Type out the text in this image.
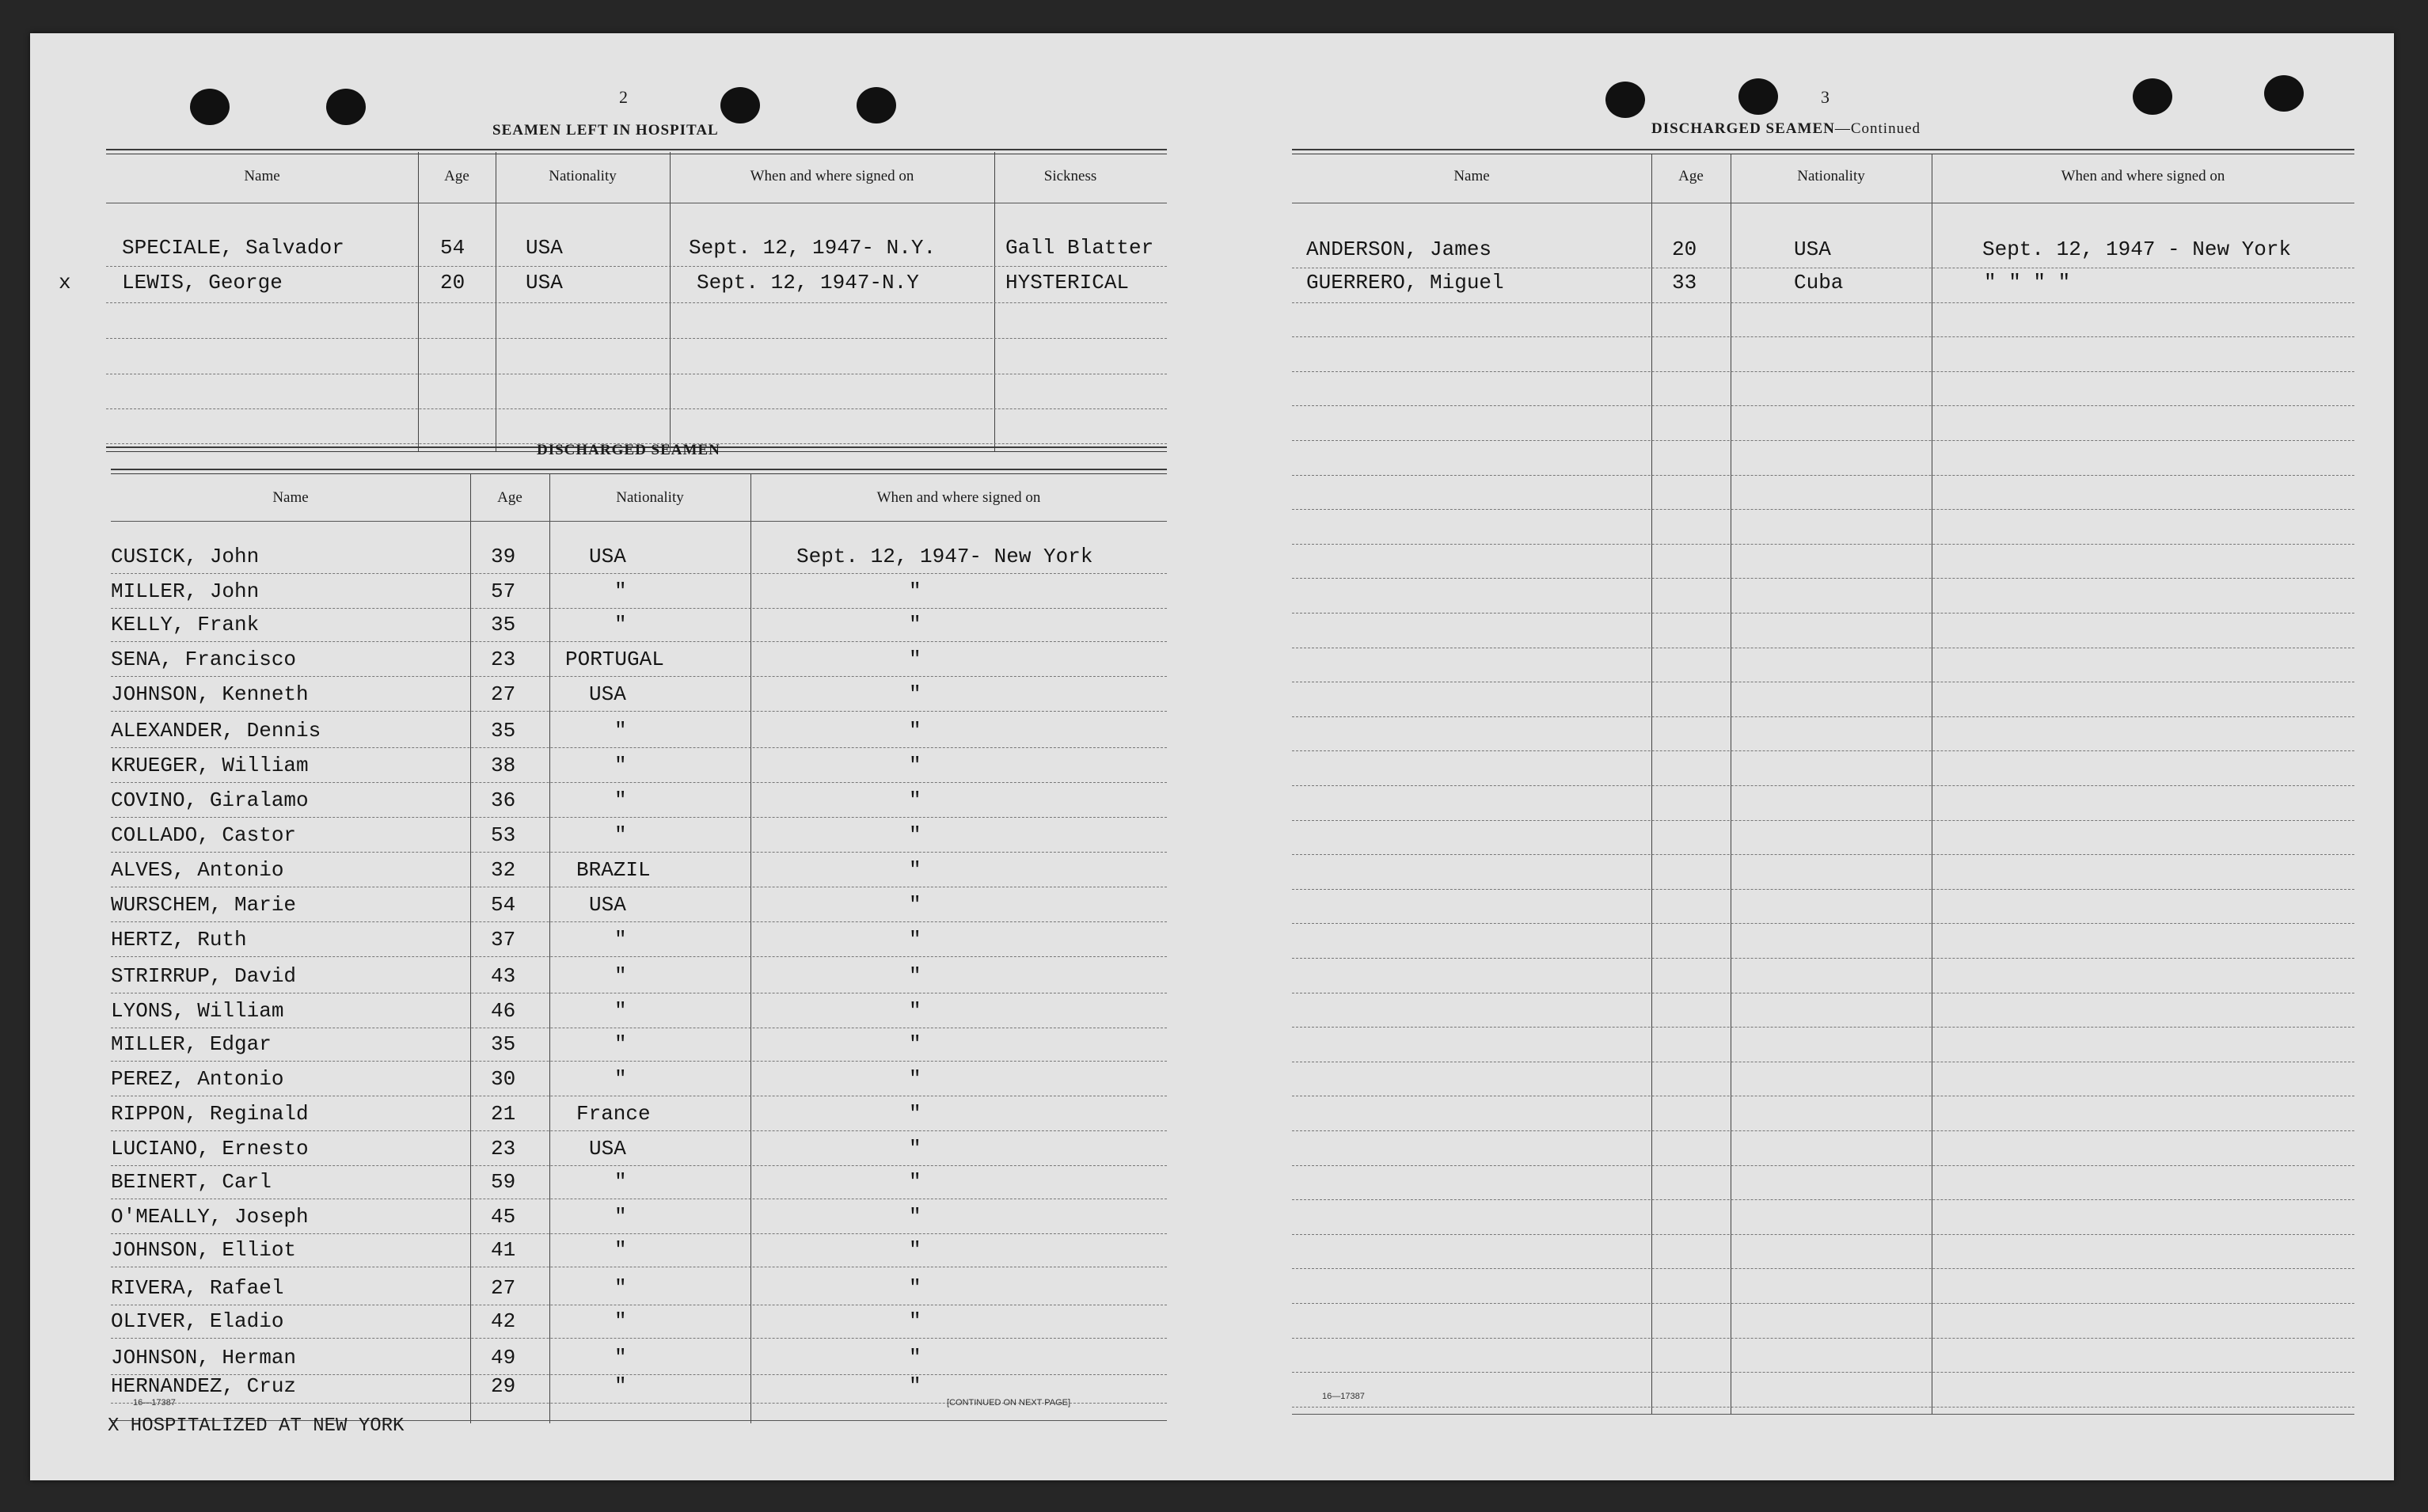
2
SEAMEN LEFT IN HOSPITAL
Name	Age	Nationality	When and where signed on	Sickness
SPECIALE, Salvador	54	USA	Sept. 12, 1947- N.Y.	Gall Blatter
x LEWIS, George	20	USA	Sept. 12, 1947-N.Y	HYSTERICAL
DISCHARGED SEAMEN
Name	Age	Nationality	When and where signed on
CUSICK, John	39	USA	Sept. 12, 1947- New York
MILLER, John	57	"	"
KELLY, Frank	35	"	"
SENA, Francisco	23 PORTUGAL	"
JOHNSON, Kenneth	27	USA	"
ALEXANDER, Dennis	35	"	"
KRUEGER, William	38	"	"
COVINO, Giralamo	36	"	"
COLLADO, Castor	53	"	"
ALVES, Antonio	32	BRAZIL	"
WURSCHEM, Marie	54	USA	"
HERTZ, Ruth	37	"	"
STRIRRUP, David	43	"	"
LYONS, William	46	"	"
MILLER, Edgar	35	"	"
PEREZ, Antonio	30	"	"
RIPPON, Reginald	21	France	"
LUCIANO, Ernesto	23	USA	"
BEINERT, Carl	59	"	"
O'MEALLY, Joseph	45	"	"
JOHNSON, Elliot	41	"	"
RIVERA, Rafael	27	"	"
OLIVER, Eladio	42	"	"
JOHNSON, Herman	49	"	"
HERNANDEZ, Cruz	29	"	"
16—17387	[CONTINUED ON NEXT PAGE]
X HOSPITALIZED AT NEW YORK
3
DISCHARGED SEAMEN—Continued
Name	Age	Nationality	When and where signed on
ANDERSON, James	20	USA	Sept. 12, 1947 - New York
GUERRERO, Miguel	33	Cuba	" " " "
16—17387
